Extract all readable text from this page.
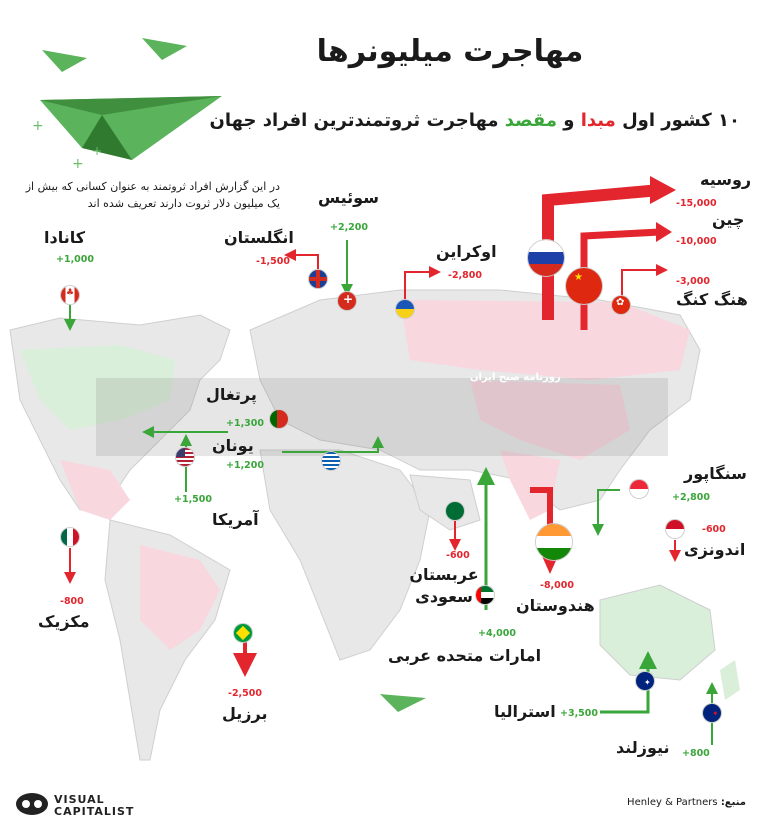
+
+
+
مهاجرت میلیونرها
۱۰ کشور اول مبدا و مقصد مهاجرت ثروتمندترین افراد جهان
در این گزارش افراد ثروتمند به عنوان کسانی که بیش از یک میلیون دلار ثروت دارند تعریف شده اند
روزنامه صبح ایران
★
✿
+
♣
✦
✦
روسیه
-15,000
چین
-10,000
-3,000
هنگ کنگ
اوکراین
-2,800
سوئیس
+2,200
انگلستان
-1,500
کانادا
+1,000
پرتغال
+1,300
یونان
+1,200
+1,500
آمریکا
-800
مکزیک
-2,500
برزیل
-600
عربستان سعودی
+4,000
امارات متحده عربی
-8,000
هندوستان
سنگاپور
+2,800
-600
اندونزی
استرالیا +3,500
+800
نیوزلند
VISUAL
CAPITALIST
منبع: Henley & Partners
